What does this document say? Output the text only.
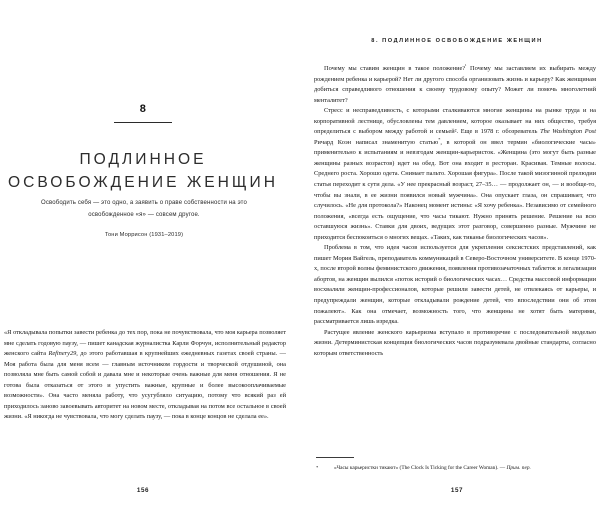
8
ПОДЛИННОЕ ОСВОБОЖДЕНИЕ ЖЕНЩИН

Освободить себя — это одно, а заявить о праве собственности на это освобожденное «я» — совсем другое.

Тони Моррисон (1931–2019)

«Я откладывала попытки завести ребенка до тех пор, пока не почувствовала, что моя карьера позволяет мне сделать годовую паузу, — пишет канадская журналистка Карли Форчун, исполнительный редактор женского сайта Refinery29, до этого работавшая в крупнейших ежедневных газетах своей страны. — Моя работа была для меня всем — главным источником гордости и творческой отдушиной, она позволяла мне быть самой собой и давала мне и некоторые очень важные для меня отношения. Я не готова была отказаться от этого и упустить важные, крупные и более высокооплачиваемые возможности». Она часто меняла работу, что усугубляло ситуацию, потому что всякий раз ей приходилось заново завоевывать авторитет на новом месте, откладывая на потом все остальное в своей жизни. «Я никогда не чувствовала, что могу сделать паузу, — пока в конце концов не сделала ее».

156
8. ПОДЛИННОЕ ОСВОБОЖДЕНИЕ ЖЕНЩИН

Почему мы ставим женщин в такое положение?$^{^1}$ Почему мы заставляем их выбирать между рождением ребенка и карьерой? Нет ли другого способа организовать жизнь и карьеру? Как женщинам добиться справедливого отношения к своему трудовому опыту? Может ли помочь многолетний менталитет?

Стресс и несправедливость, с которыми сталкиваются многие женщины на рынке труда и на корпоративной лестнице, обусловлены тем давлением, которое оказывает на них общество, требуя определиться с выбором между работой и семьей². Еще в 1978 г. обозреватель The Washington Post Ричард Коэн написал знаменитую статью*, в которой он ввел термин «биологические часы» применительно к испытаниям и невзгодам женщин-карьеристок. «Женщина (это могут быть разные женщины разных возрастов) идет на обед. Вот она входит в ресторан. Красивая. Темные волосы. Среднего роста. Хорошо одета. Снимает пальто. Хорошая фигура». После такой мизогинной прелюдии статья переходит к сути дела. «У нее прекрасный возраст, 27–35… — продолжает он, — и вообще-то, чтобы вы знали, в ее жизни появился новый мужчина». Она опускает глаза, он спрашивает, что случилось. «Не для протокола?» Наконец момент истины: «Я хочу ребенка». Независимо от семейного положения, «всегда есть ощущение, что часы тикают. Нужно принять решение. Решение на всю оставшуюся жизнь». Ставки для двоих, ведущих этот разговор, совершенно разные. Мужчине не приходится беспокоиться о многих вещах. «Таких, как тиканье биологических часов».

Проблема в том, что идея часов используется для укрепления сексистских представлений, как пишет Мория Вайгель, преподаватель коммуникаций в Северо-Восточном университете. В конце 1970-х, после второй волны феминистского движения, появления противозачаточных таблеток и легализации абортов, на женщин вылился «поток историй о биологических часах… Средства массовой информации восхваляли женщин-профессионалов, которые решили завести детей, не отвлекаясь от карьеры, и предупреждали женщин, которые откладывали рождение детей, что впоследствии они об этом пожалеют». Как она отмечает, возможность того, что женщины не хотят быть матерями, рассматривается лишь изредка.

Растущее явление женского карьеризма вступало в противоречие с последовательной моделью жизни. Детерминистская концепция биологических часов подразумевала двойные стандарты, согласно которым ответственность

*	«Часы карьеристки тикают» (The Clock Is Ticking for the Career Woman). — Прим. пер.
157
